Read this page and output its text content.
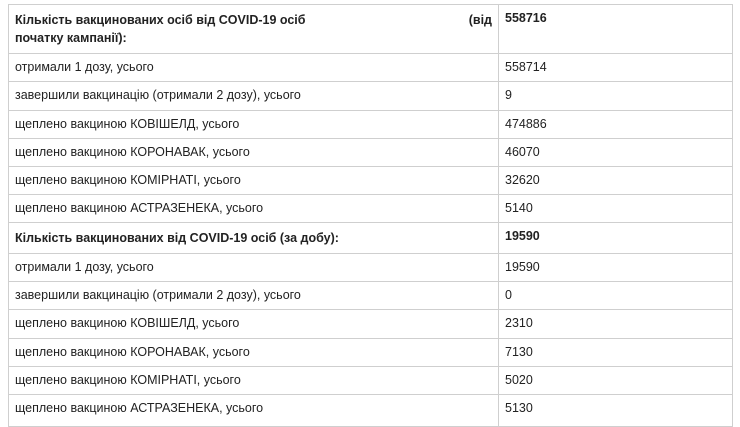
Кількість вакцинованих осіб від COVID-19 осіб (від
початку кампанії):	558716
отримали 1 дозу, усього	558714
завершили вакцинацію (отримали 2 дозу), усього	9
щеплено вакциною КОВІШЕЛД, усього	474886
щеплено вакциною КОРОНАВАК, усього	46070
щеплено вакциною КОМІРНАТІ, усього	32620
щеплено вакциною АСТРАЗЕНЕКА, усього	5140
Кількість вакцинованих від COVID-19 осіб (за добу):	19590
отримали 1 дозу, усього	19590
завершили вакцинацію (отримали 2 дозу), усього	0
щеплено вакциною КОВІШЕЛД, усього	2310
щеплено вакциною КОРОНАВАК, усього	7130
щеплено вакциною КОМІРНАТІ, усього	5020
щеплено вакциною АСТРАЗЕНЕКА, усього	5130
